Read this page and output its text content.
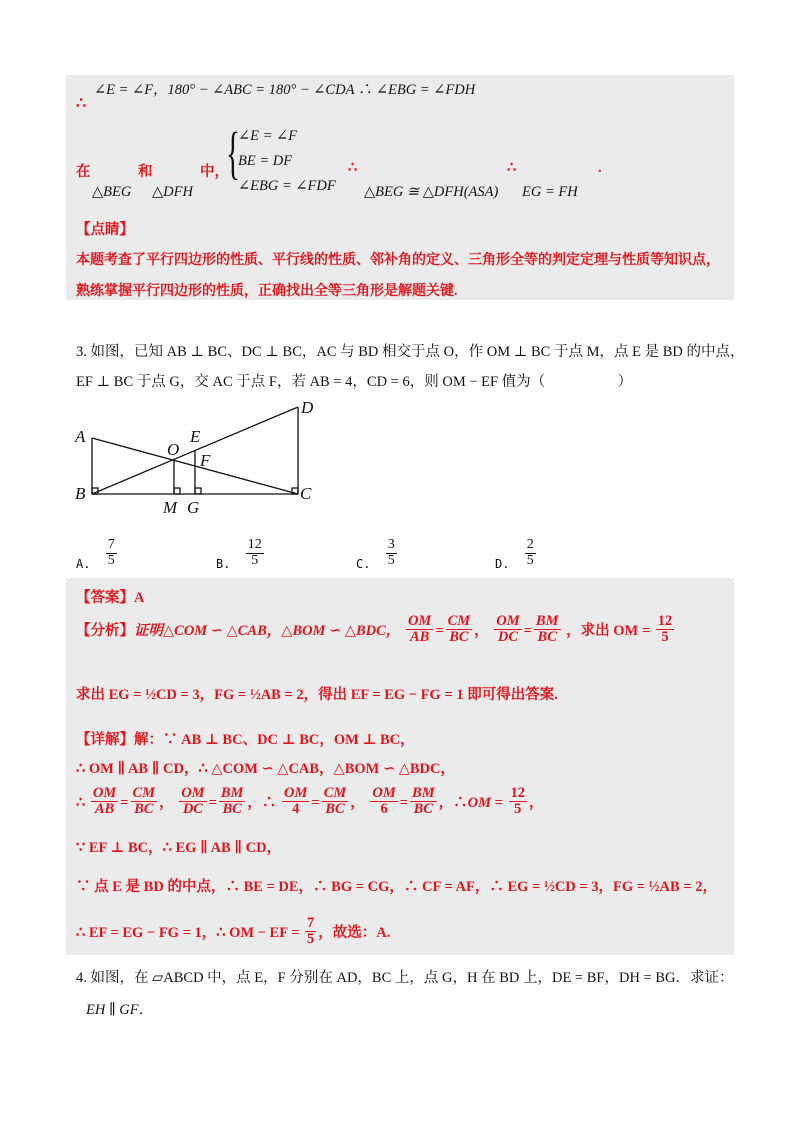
∴
∠E = ∠F，180° − ∠ABC = 180° − ∠CDA ∴ ∠EBG = ∠FDH
在	和	中，
△BEG △DFH
{
∠E = ∠F
BE = DF
∠EBG = ∠FDF
∴
△BEG ≅ △DFH(ASA)
∴
EG = FH
.
【点睛】
本题考查了平行四边形的性质、平行线的性质、邻补角的定义、三角形全等的判定定理与性质等知识点，
熟练掌握平行四边形的性质，正确找出全等三角形是解题关键.
3. 如图，已知 AB ⊥ BC、DC ⊥ BC，AC 与 BD 相交于点 O，作 OM ⊥ BC 于点 M，点 E 是 BD 的中点，
EF ⊥ BC 于点 G，交 AC 于点 F，若 AB = 4，CD = 6，则 OM − EF 值为（　　　　　）
A
B	C
D
O
E
F
M G
A. $\frac{7}{5}$	B. $\frac{12}{5}$	C. $\frac{3}{5}$	D. $\frac{2}{5}$
【答案】A
【分析】证明△COM ∽ △CAB，△BOM ∽ △BDC， $\frac{OM}{AB} = \frac{CM}{BC}$ ， $\frac{OM}{DC} = \frac{BM}{BC}$ ，求出 OM = $\frac{12}{5}$
求出 EG = ½CD = 3，FG = ½AB = 2，得出 EF = EG − FG = 1 即可得出答案.
【详解】解：∵ AB ⊥ BC、DC ⊥ BC，OM ⊥ BC，
∴ OM ∥ AB ∥ CD，∴ △COM ∽ △CAB，△BOM ∽ △BDC，
∴ $\frac{OM}{AB} = \frac{CM}{BC}$ ， $\frac{OM}{DC} = \frac{BM}{BC}$ ，∴ $\frac{OM}{4} = \frac{CM}{BC}$ ， $\frac{OM}{6} = \frac{BM}{BC}$ ，∴OM = $\frac{12}{5}$ ，
∵ EF ⊥ BC，∴ EG ∥ AB ∥ CD，
∵ 点 E 是 BD 的中点，∴ BE = DE，∴ BG = CG，∴ CF = AF，∴ EG = ½CD = 3，FG = ½AB = 2，
∴ EF = EG − FG = 1，∴ OM − EF = $\frac{7}{5}$ ，故选：A.
4. 如图，在 ▱ABCD 中，点 E，F 分别在 AD，BC 上，点 G，H 在 BD 上，DE = BF，DH = BG．求证：
EH ∥ GF．
